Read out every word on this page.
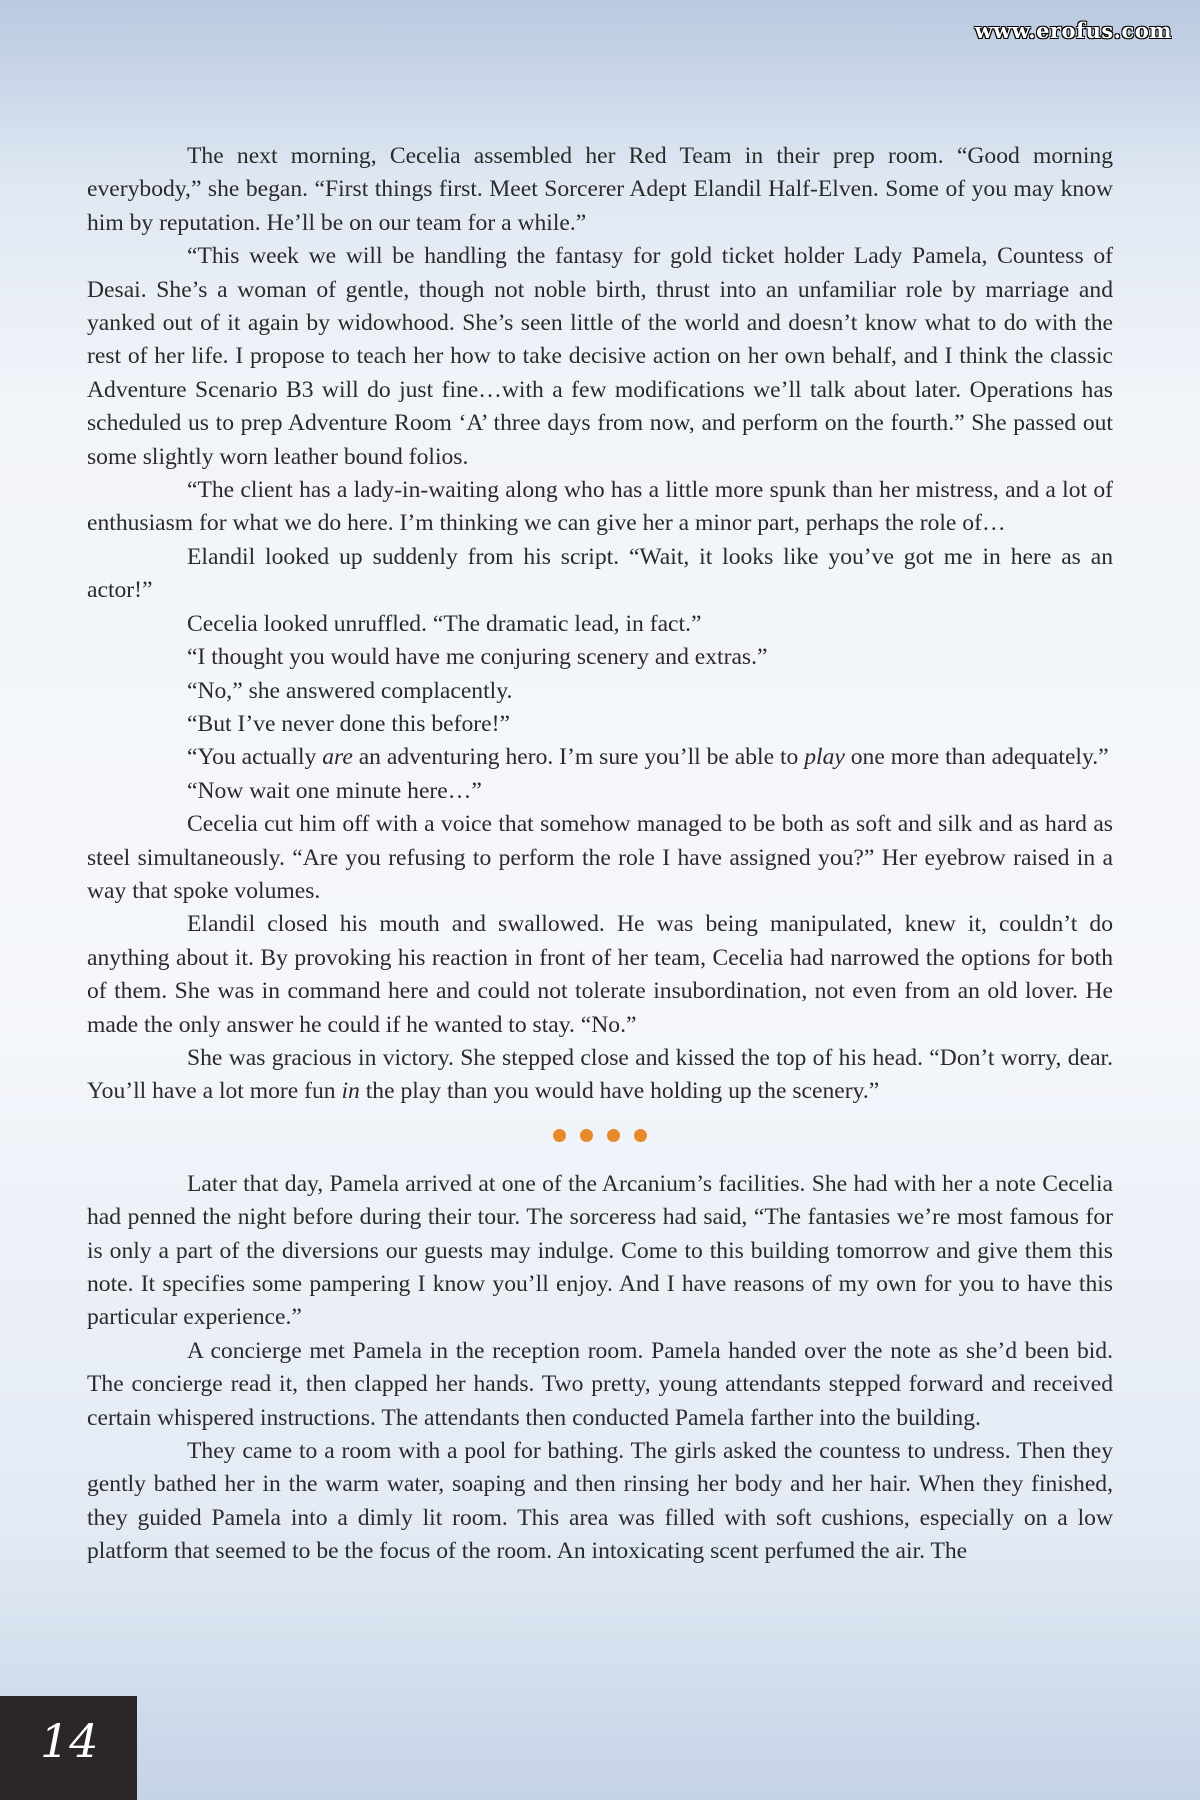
www.erofus.com

The next morning, Cecelia assembled her Red Team in their prep room. “Good morning everybody,” she began. “First things first. Meet Sorcerer Adept Elandil Half-Elven. Some of you may know him by reputation. He’ll be on our team for a while.”

“This week we will be handling the fantasy for gold ticket holder Lady Pamela, Countess of Desai. She’s a woman of gentle, though not noble birth, thrust into an unfamiliar role by marriage and yanked out of it again by widowhood. She’s seen little of the world and doesn’t know what to do with the rest of her life. I propose to teach her how to take decisive action on her own behalf, and I think the classic Adventure Scenario B3 will do just fine…with a few modifications we’ll talk about later. Operations has scheduled us to prep Adventure Room ‘A’ three days from now, and perform on the fourth.” She passed out some slightly worn leather bound folios.

“The client has a lady-in-waiting along who has a little more spunk than her mistress, and a lot of enthusiasm for what we do here. I’m thinking we can give her a minor part, perhaps the role of…

Elandil looked up suddenly from his script. “Wait, it looks like you’ve got me in here as an actor!”

Cecelia looked unruffled. “The dramatic lead, in fact.”

“I thought you would have me conjuring scenery and extras.”

“No,” she answered complacently.

“But I’ve never done this before!”

“You actually are an adventuring hero. I’m sure you’ll be able to play one more than adequately.”

“Now wait one minute here…”

Cecelia cut him off with a voice that somehow managed to be both as soft and silk and as hard as steel simultaneously. “Are you refusing to perform the role I have assigned you?” Her eyebrow raised in a way that spoke volumes.

Elandil closed his mouth and swallowed. He was being manipulated, knew it, couldn’t do anything about it. By provoking his reaction in front of her team, Cecelia had narrowed the options for both of them. She was in command here and could not tolerate insubordination, not even from an old lover. He made the only answer he could if he wanted to stay. “No.”

She was gracious in victory. She stepped close and kissed the top of his head. “Don’t worry, dear. You’ll have a lot more fun in the play than you would have holding up the scenery.”

Later that day, Pamela arrived at one of the Arcanium’s facilities. She had with her a note Cecelia had penned the night before during their tour. The sorceress had said, “The fantasies we’re most famous for is only a part of the diversions our guests may indulge. Come to this building tomorrow and give them this note. It specifies some pampering I know you’ll enjoy. And I have reasons of my own for you to have this particular experience.”

A concierge met Pamela in the reception room. Pamela handed over the note as she’d been bid. The concierge read it, then clapped her hands. Two pretty, young attendants stepped forward and received certain whispered instructions. The attendants then conducted Pamela farther into the building.

They came to a room with a pool for bathing. The girls asked the countess to undress. Then they gently bathed her in the warm water, soaping and then rinsing her body and her hair. When they finished, they guided Pamela into a dimly lit room. This area was filled with soft cushions, especially on a low platform that seemed to be the focus of the room. An intoxicating scent perfumed the air. The

14
